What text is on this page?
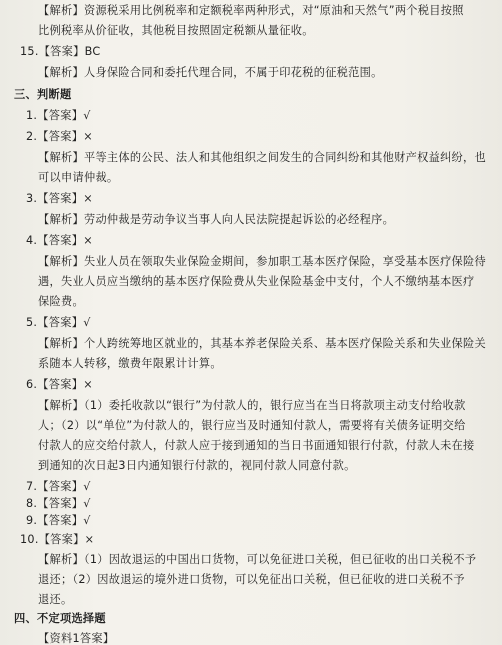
【解析】资源税采用比例税率和定额税率两种形式，对“原油和天然气”两个税目按照
比例税率从价征收，其他税目按照固定税额从量征收。
15.【答案】BC
【解析】人身保险合同和委托代理合同，不属于印花税的征税范围。
三、判断题
1.【答案】√
2.【答案】×
【解析】平等主体的公民、法人和其他组织之间发生的合同纠纷和其他财产权益纠纷，也
可以申请仲裁。
3.【答案】×
【解析】劳动仲裁是劳动争议当事人向人民法院提起诉讼的必经程序。
4.【答案】×
【解析】失业人员在领取失业保险金期间，参加职工基本医疗保险，享受基本医疗保险待
遇，失业人员应当缴纳的基本医疗保险费从失业保险基金中支付，个人不缴纳基本医疗
保险费。
5.【答案】√
【解析】个人跨统筹地区就业的，其基本养老保险关系、基本医疗保险关系和失业保险关
系随本人转移，缴费年限累计计算。
6.【答案】×
【解析】（1）委托收款以“银行”为付款人的，银行应当在当日将款项主动支付给收款
人；（2）以“单位”为付款人的，银行应当及时通知付款人，需要将有关债务证明交给
付款人的应交给付款人，付款人应于接到通知的当日书面通知银行付款，付款人未在接
到通知的次日起3日内通知银行付款的，视同付款人同意付款。
7.【答案】√
8.【答案】√
9.【答案】√
10.【答案】×
【解析】（1）因故退运的中国出口货物，可以免征进口关税，但已征收的出口关税不予
退还；（2）因故退运的境外进口货物，可以免征出口关税，但已征收的进口关税不予
退还。
四、不定项选择题
【资料1答案】
